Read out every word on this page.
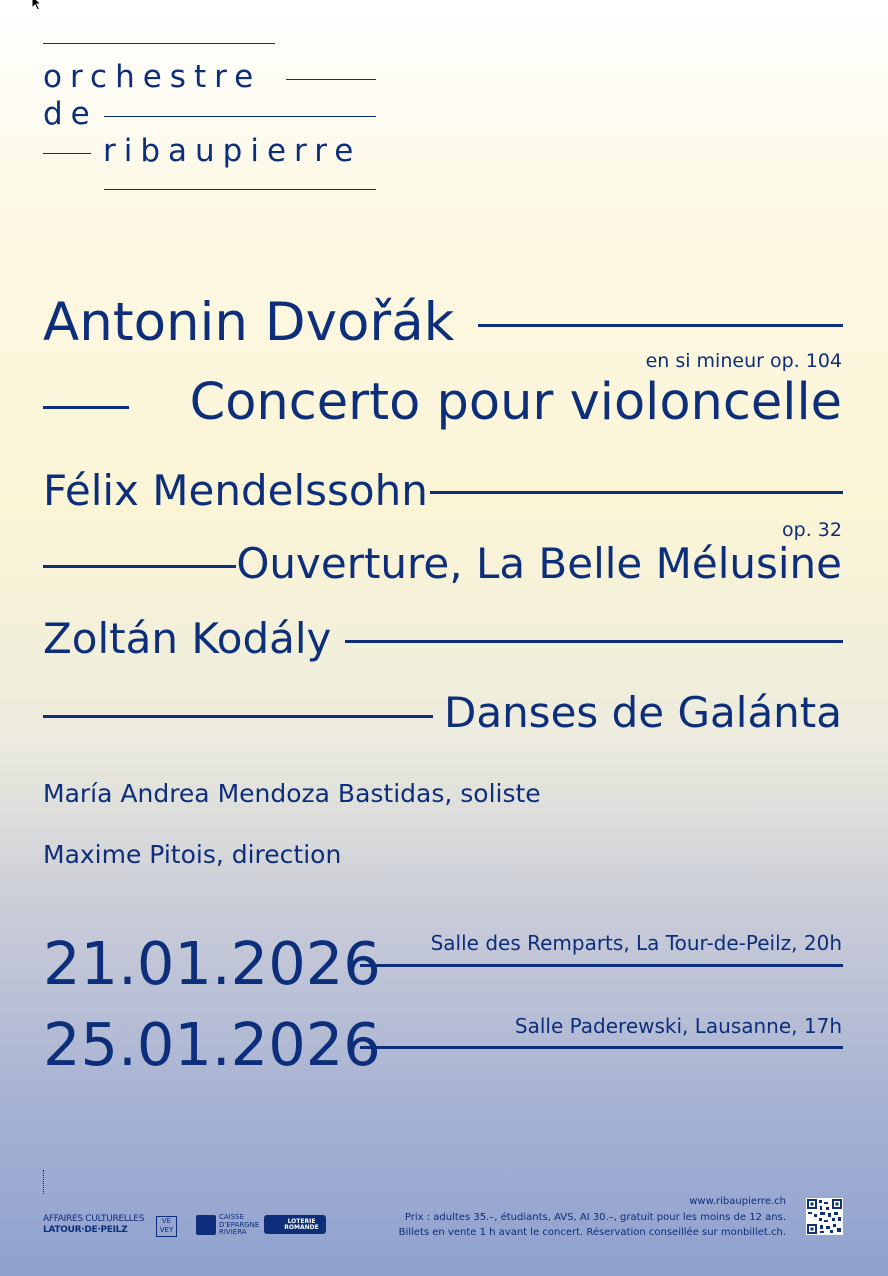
orchestre
de
ribaupierre
Antonin Dvořák
en si mineur op. 104
Concerto pour violoncelle
Félix Mendelssohn
op. 32
Ouverture, La Belle Mélusine
Zoltán Kodály
Danses de Galánta
María Andrea Mendoza Bastidas, soliste
Maxime Pitois, direction
21.01.2026 Salle des Remparts, La Tour-de-Peilz, 20h
25.01.2026	Salle Paderewski, Lausanne, 17h
AFFAIRES CULTURELLES
LATOUR·DE·PEILZ
VE VEY
CAISSE D'EPARGNE RIVIERA
LOTERIE ROMANDE
www.ribaupierre.ch
Prix : adultes 35.–, étudiants, AVS, AI 30.–, gratuit pour les moins de 12 ans.
Billets en vente 1 h avant le concert. Réservation conseillée sur monbillet.ch.
